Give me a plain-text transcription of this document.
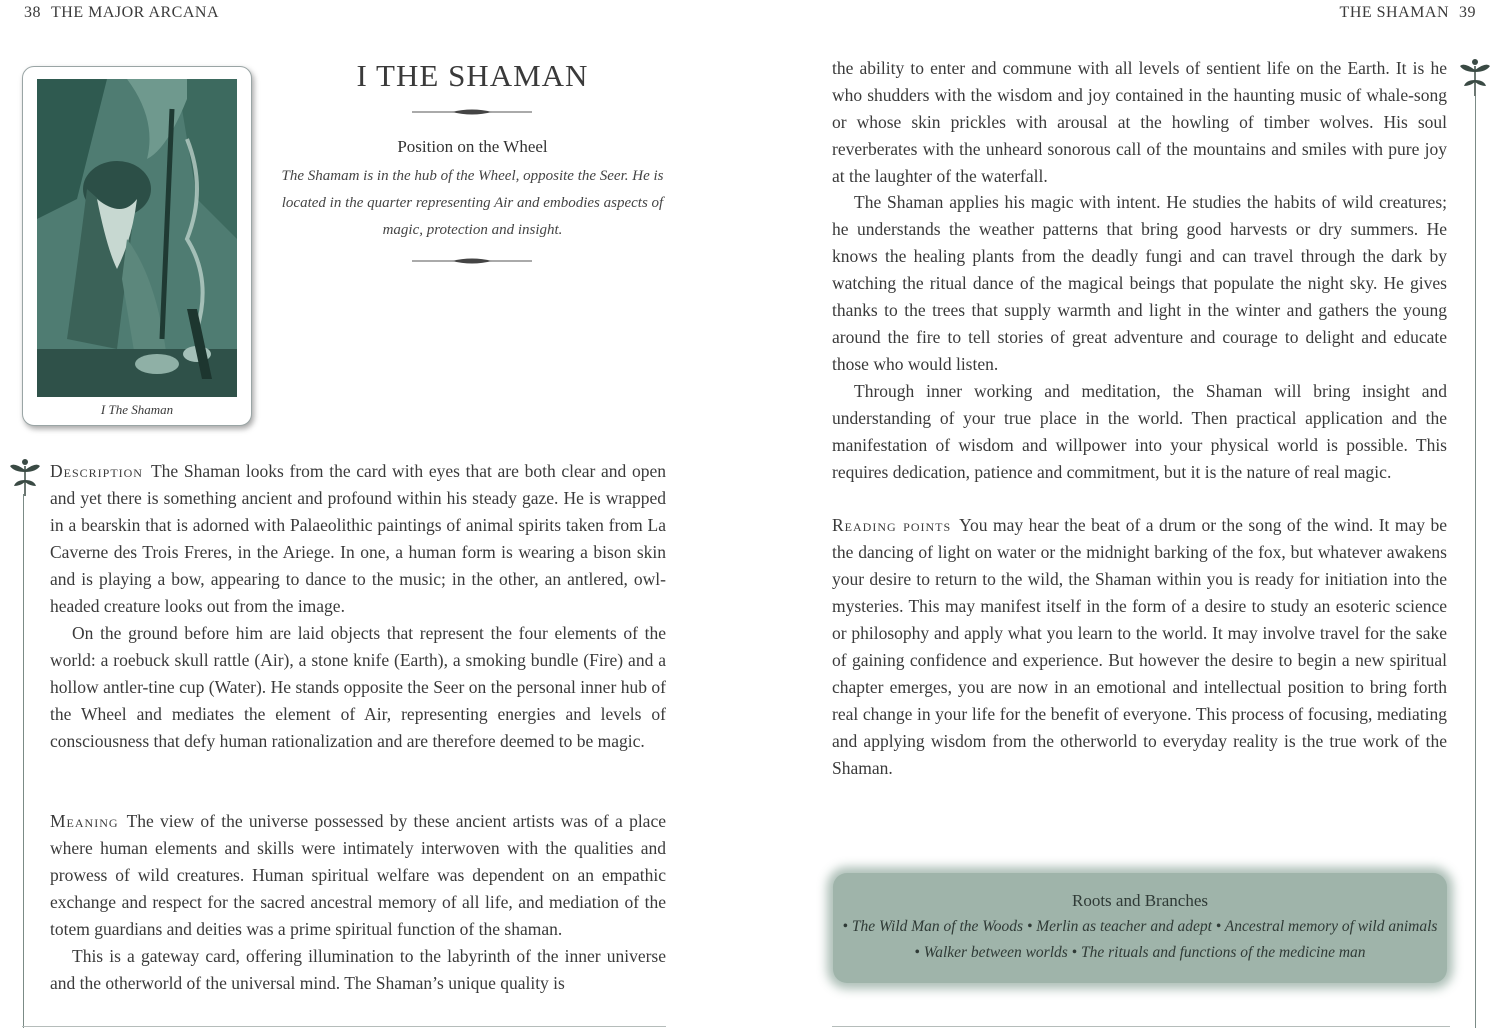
38 THE MAJOR ARCANA
I The Shaman
I THE SHAMAN
Position on the Wheel

The Shamam is in the hub of the Wheel, opposite the Seer. He is located in the quarter representing Air and embodies aspects of magic, protection and insight.

Description The Shaman looks from the card with eyes that are both clear and open and yet there is something ancient and profound within his steady gaze. He is wrapped in a bearskin that is adorned with Palaeolithic paintings of animal spirits taken from La Caverne des Trois Freres, in the Ariege. In one, a human form is wearing a bison skin and is playing a bow, appearing to dance to the music; in the other, an antlered, owl-headed creature looks out from the image.

On the ground before him are laid objects that represent the four elements of the world: a roebuck skull rattle (Air), a stone knife (Earth), a smoking bundle (Fire) and a hollow antler-tine cup (Water). He stands opposite the Seer on the personal inner hub of the Wheel and mediates the element of Air, representing energies and levels of consciousness that defy human rationalization and are therefore deemed to be magic.

Meaning The view of the universe possessed by these ancient artists was of a place where human elements and skills were intimately interwoven with the qualities and prowess of wild creatures. Human spiritual welfare was dependent on an empathic exchange and respect for the sacred ancestral memory of all life, and mediation of the totem guardians and deities was a prime spiritual function of the shaman.

This is a gateway card, offering illumination to the labyrinth of the inner universe and the otherworld of the universal mind. The Shaman’s unique quality is

THE SHAMAN 39

the ability to enter and commune with all levels of sentient life on the Earth. It is he who shudders with the wisdom and joy contained in the haunting music of whale-song or whose skin prickles with arousal at the howling of timber wolves. His soul reverberates with the unheard sonorous call of the mountains and smiles with pure joy at the laughter of the waterfall.

The Shaman applies his magic with intent. He studies the habits of wild creatures; he understands the weather patterns that bring good harvests or dry summers. He knows the healing plants from the deadly fungi and can travel through the dark by watching the ritual dance of the magical beings that populate the night sky. He gives thanks to the trees that supply warmth and light in the winter and gathers the young around the fire to tell stories of great adventure and courage to delight and educate those who would listen.

Through inner working and meditation, the Shaman will bring insight and understanding of your true place in the world. Then practical application and the manifestation of wisdom and willpower into your physical world is possible. This requires dedication, patience and commitment, but it is the nature of real magic.

Reading points You may hear the beat of a drum or the song of the wind. It may be the dancing of light on water or the midnight barking of the fox, but whatever awakens your desire to return to the wild, the Shaman within you is ready for initiation into the mysteries. This may manifest itself in the form of a desire to study an esoteric science or philosophy and apply what you learn to the world. It may involve travel for the sake of gaining confidence and experience. But however the desire to begin a new spiritual chapter emerges, you are now in an emotional and intellectual position to bring forth real change in your life for the benefit of everyone. This process of focusing, mediating and applying wisdom from the otherworld to everyday reality is the true work of the Shaman.

Roots and Branches
• The Wild Man of the Woods • Merlin as teacher and adept • Ancestral memory of wild animals
• Walker between worlds • The rituals and functions of the medicine man
